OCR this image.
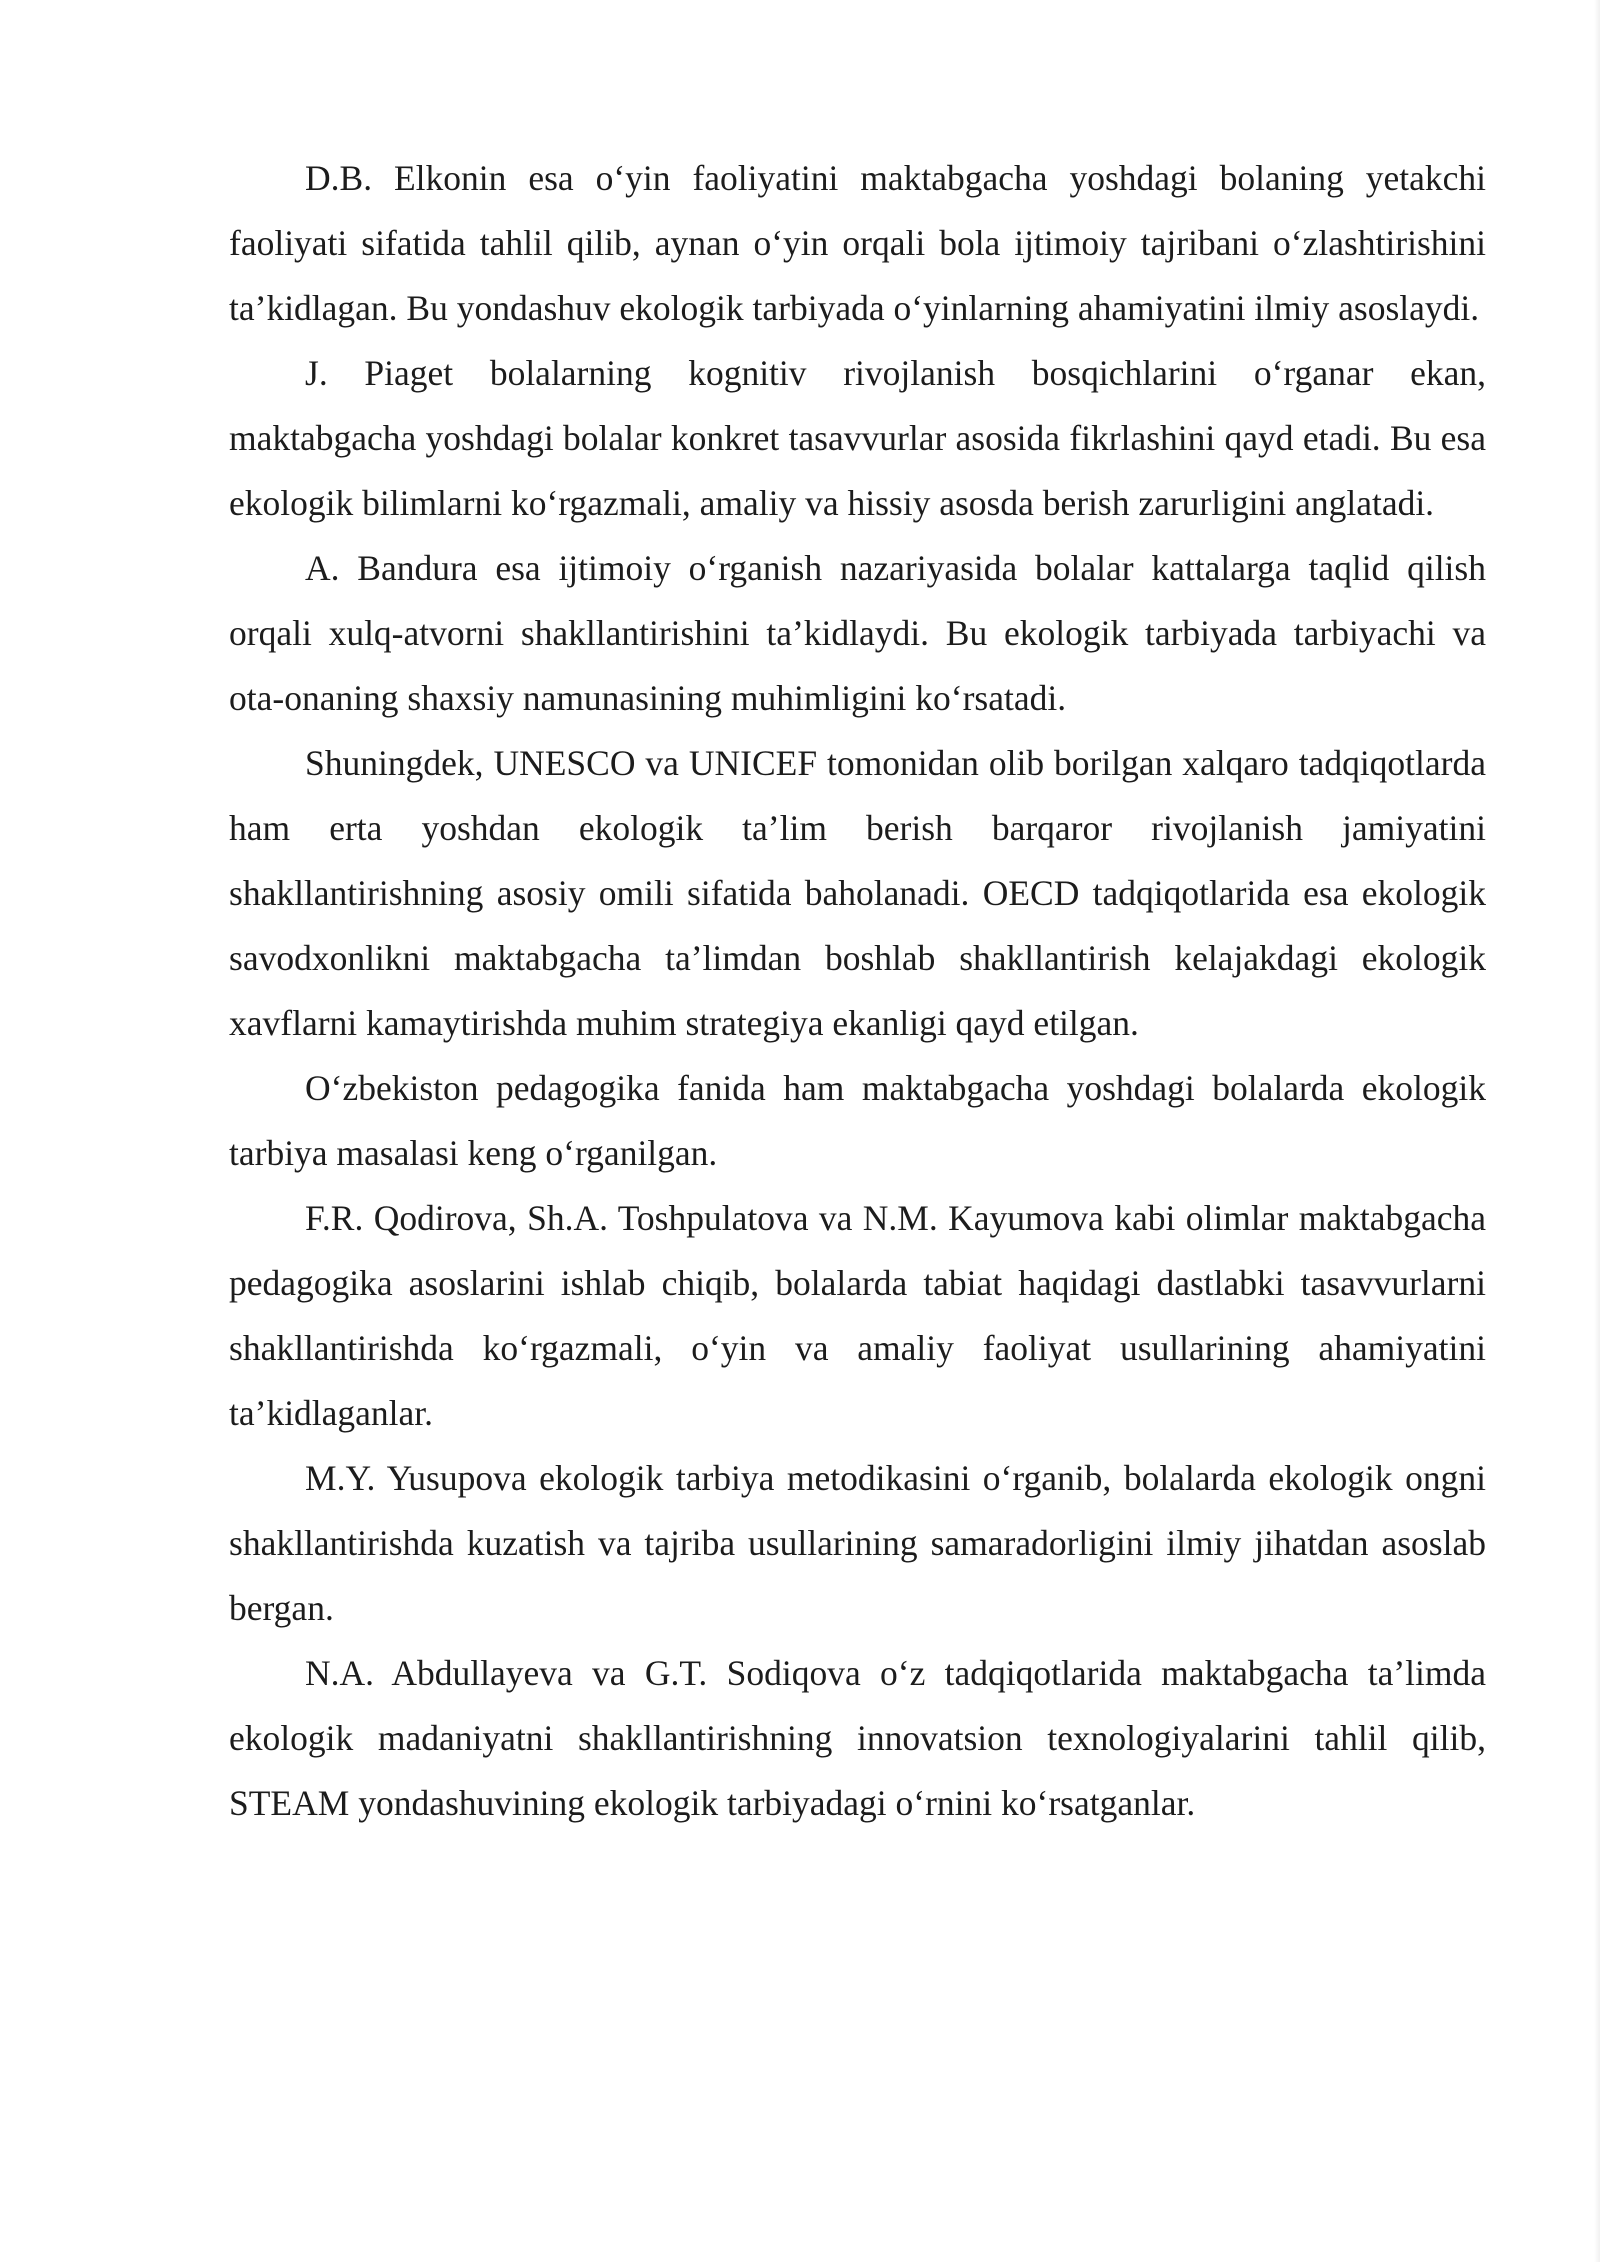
D.B. Elkonin esa o‘yin faoliyatini maktabgacha yoshdagi bolaning yetakchi faoliyati sifatida tahlil qilib, aynan o‘yin orqali bola ijtimoiy tajribani o‘zlashtirishini ta’kidlagan. Bu yondashuv ekologik tarbiyada o‘yinlarning ahamiyatini ilmiy asoslaydi.

J. Piaget bolalarning kognitiv rivojlanish bosqichlarini o‘rganar ekan, maktabgacha yoshdagi bolalar konkret tasavvurlar asosida fikrlashini qayd etadi. Bu esa ekologik bilimlarni ko‘rgazmali, amaliy va hissiy asosda berish zarurligini anglatadi.

A. Bandura esa ijtimoiy o‘rganish nazariyasida bolalar kattalarga taqlid qilish orqali xulq-atvorni shakllantirishini ta’kidlaydi. Bu ekologik tarbiyada tarbiyachi va ota-onaning shaxsiy namunasining muhimligini ko‘rsatadi.

Shuningdek, UNESCO va UNICEF tomonidan olib borilgan xalqaro tadqiqotlarda ham erta yoshdan ekologik ta’lim berish barqaror rivojlanish jamiyatini shakllantirishning asosiy omili sifatida baholanadi. OECD tadqiqotlarida esa ekologik savodxonlikni maktabgacha ta’limdan boshlab shakllantirish kelajakdagi ekologik xavflarni kamaytirishda muhim strategiya ekanligi qayd etilgan.

O‘zbekiston pedagogika fanida ham maktabgacha yoshdagi bolalarda ekologik tarbiya masalasi keng o‘rganilgan.

F.R. Qodirova, Sh.A. Toshpulatova va N.M. Kayumova kabi olimlar maktabgacha pedagogika asoslarini ishlab chiqib, bolalarda tabiat haqidagi dastlabki tasavvurlarni shakllantirishda ko‘rgazmali, o‘yin va amaliy faoliyat usullarining ahamiyatini ta’kidlaganlar.

M.Y. Yusupova ekologik tarbiya metodikasini o‘rganib, bolalarda ekologik ongni shakllantirishda kuzatish va tajriba usullarining samaradorligini ilmiy jihatdan asoslab bergan.

N.A. Abdullayeva va G.T. Sodiqova o‘z tadqiqotlarida maktabgacha ta’limda ekologik madaniyatni shakllantirishning innovatsion texnologiyalarini tahlil qilib, STEAM yondashuvining ekologik tarbiyadagi o‘rnini ko‘rsatganlar.
